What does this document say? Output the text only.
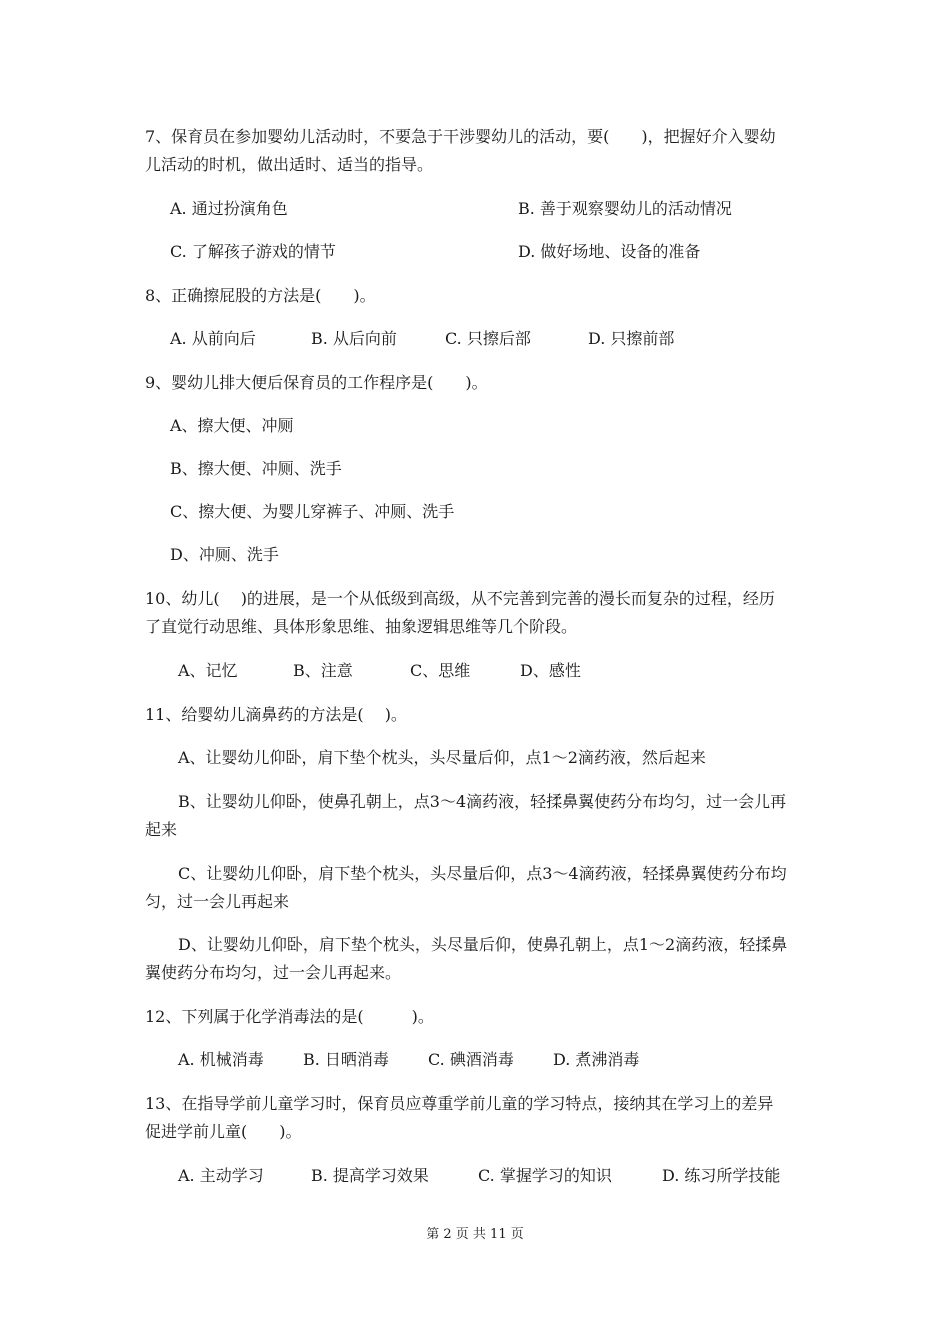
7、保育员在参加婴幼儿活动时，不要急于干涉婴幼儿的活动，要(　　)，把握好介入婴幼
儿活动的时机，做出适时、适当的指导。
A. 通过扮演角色	B. 善于观察婴幼儿的活动情况
C. 了解孩子游戏的情节	D. 做好场地、设备的准备
8、正确擦屁股的方法是(　　)。
A. 从前向后	B. 从后向前	C. 只擦后部	D. 只擦前部
9、婴幼儿排大便后保育员的工作程序是(　　)。
A、擦大便、冲厕
B、擦大便、冲厕、洗手
C、擦大便、为婴儿穿裤子、冲厕、洗手
D、冲厕、洗手
10、幼儿(　 )的进展，是一个从低级到高级，从不完善到完善的漫长而复杂的过程，经历
了直觉行动思维、具体形象思维、抽象逻辑思维等几个阶段。
A、记忆	B、注意	C、思维	D、感性
11、给婴幼儿滴鼻药的方法是(　 )。
A、让婴幼儿仰卧，肩下垫个枕头，头尽量后仰，点1～2滴药液，然后起来
B、让婴幼儿仰卧，使鼻孔朝上，点3～4滴药液，轻揉鼻翼使药分布均匀，过一会儿再
起来
C、让婴幼儿仰卧，肩下垫个枕头，头尽量后仰，点3～4滴药液，轻揉鼻翼使药分布均
匀，过一会儿再起来
D、让婴幼儿仰卧，肩下垫个枕头，头尽量后仰，使鼻孔朝上，点1～2滴药液，轻揉鼻
翼使药分布均匀，过一会儿再起来。
12、下列属于化学消毒法的是(　　　)。
A. 机械消毒 B. 日晒消毒 C. 碘酒消毒 D. 煮沸消毒
13、在指导学前儿童学习时，保育员应尊重学前儿童的学习特点，接纳其在学习上的差异
促进学前儿童(　　)。
A. 主动学习	B. 提高学习效果	C. 掌握学习的知识	D. 练习所学技能
第 2 页 共 11 页
